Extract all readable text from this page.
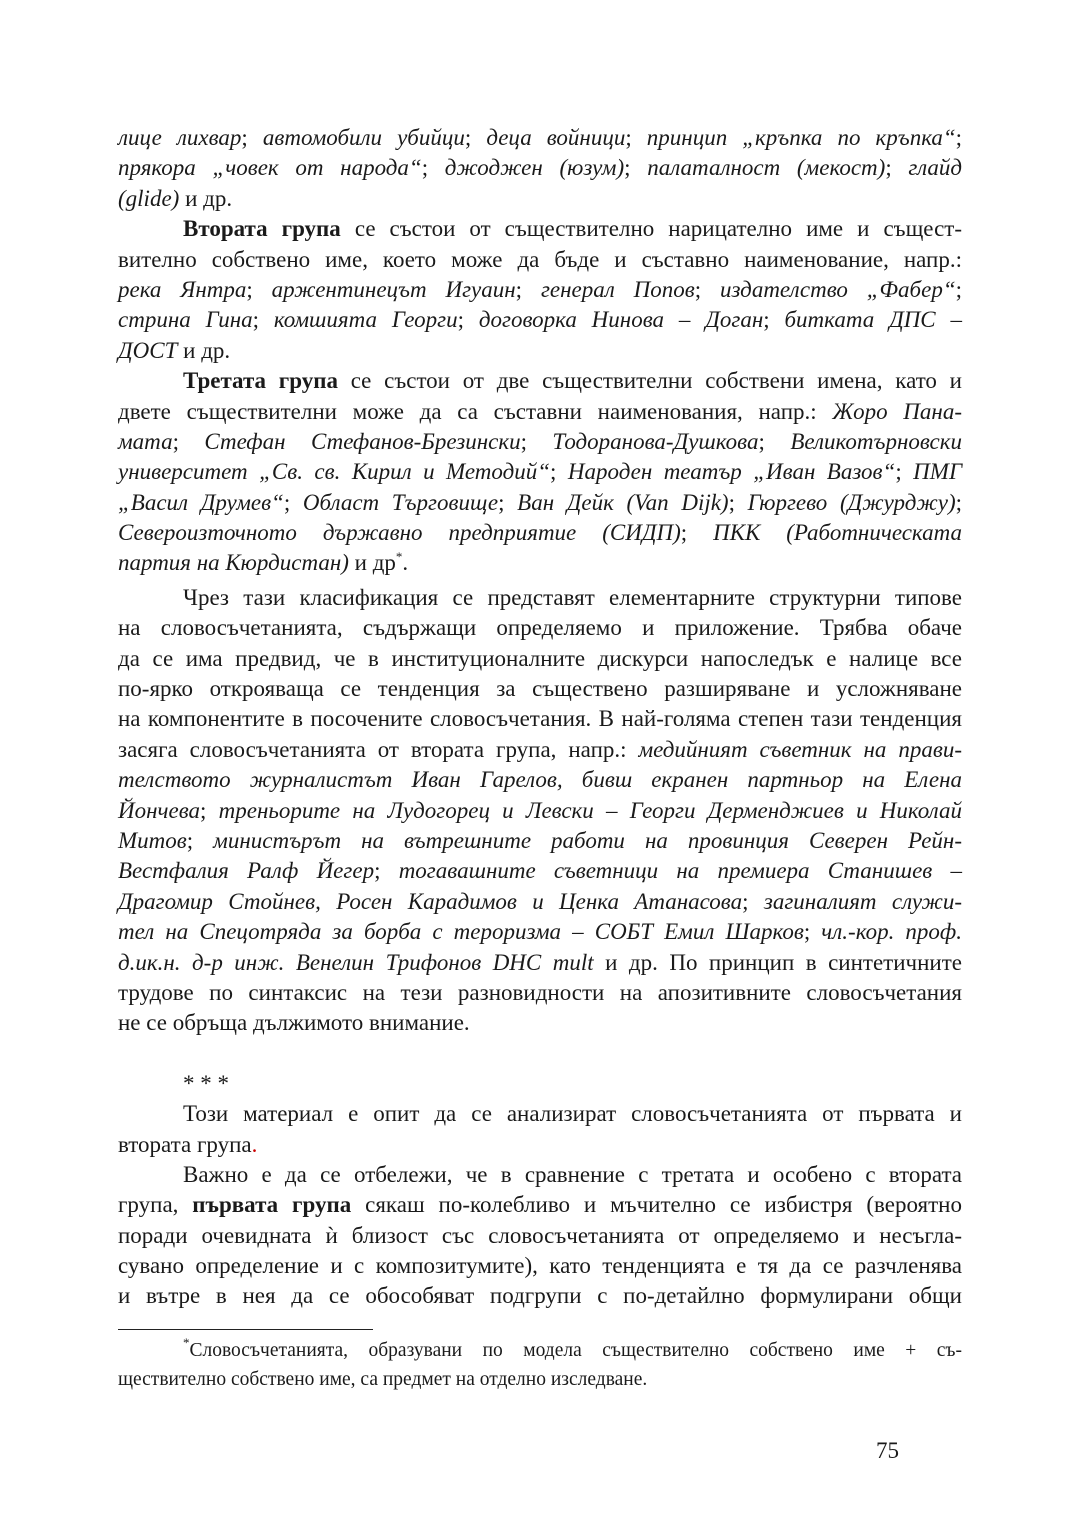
лице лихвар; автомобили убийци; деца войници; принцип „кръпка по кръпка“;
прякора „човек от народа“; джоджен (юзум); палаталност (мекост); глайд
(glide) и др.
Втората група се състои от съществително нарицателно име и същест-
вително собствено име, което може да бъде и съставно наименование, напр.:
река Янтра; аржентинецът Игуаин; генерал Попов; издателство „Фабер“;
стрина Гина; комшията Георги; договорка Нинова – Доган; битката ДПС –
ДОСТ и др.
Третата група се състои от две съществителни собствени имена, като и
двете съществителни може да са съставни наименования, напр.: Жоро Пана-
мата; Стефан Стефанов-Брезински; Тодоранова-Душкова; Великотърновски
университет „Св. св. Кирил и Методий“; Народен театър „Иван Вазов“; ПМГ
„Васил Друмев“; Област Търговище; Ван Дейк (Van Dijk); Гюргево (Джурджу);
Североизточното държавно предприятие (СИДП); ПКК (Работническата
партия на Кюрдистан) и др*.
Чрез тази класификация се представят елементарните структурни типове
на словосъчетанията, съдържащи определяемо и приложение. Трябва обаче
да се има предвид, че в институционалните дискурси напоследък е налице все
по-ярко открояваща се тенденция за съществено разширяване и усложняване
на компонентите в посочените словосъчетания. В най-голяма степен тази тенденция
засяга словосъчетанията от втората група, напр.: медийният съветник на прави-
телството журналистът Иван Гарелов, бивш екранен партньор на Елена
Йончева; треньорите на Лудогорец и Левски – Георги Дерменджиев и Николай
Митов; министърът на вътрешните работи на провинция Северен Рейн-
Вестфалия Ралф Йегер; тогавашните съветници на премиера Станишев –
Драгомир Стойнев, Росен Карадимов и Ценка Атанасова; загиналият служи-
тел на Спецотряда за борба с тероризма – СОБТ Емил Шарков; чл.-кор. проф.
д.ик.н. д-р инж. Венелин Трифонов DHC mult и др. По принцип в синтетичните
трудове по синтаксис на тези разновидности на апозитивните словосъчетания
не се обръща дължимото внимание.
* * *
Този материал е опит да се анализират словосъчетанията от първата и
втората група.
Важно е да се отбележи, че в сравнение с третата и особено с втората
група, първата група сякаш по-колебливо и мъчително се избистря (вероятно
поради очевидната ѝ близост със словосъчетанията от определяемо и несъгла-
сувано определение и с композитумите), като тенденцията е тя да се разчленява
и вътре в нея да се обособяват подгрупи с по-детайлно формулирани общи
*Словосъчетанията, образувани по модела съществително собствено име + съ-
ществително собствено име, са предмет на отделно изследване.
75
